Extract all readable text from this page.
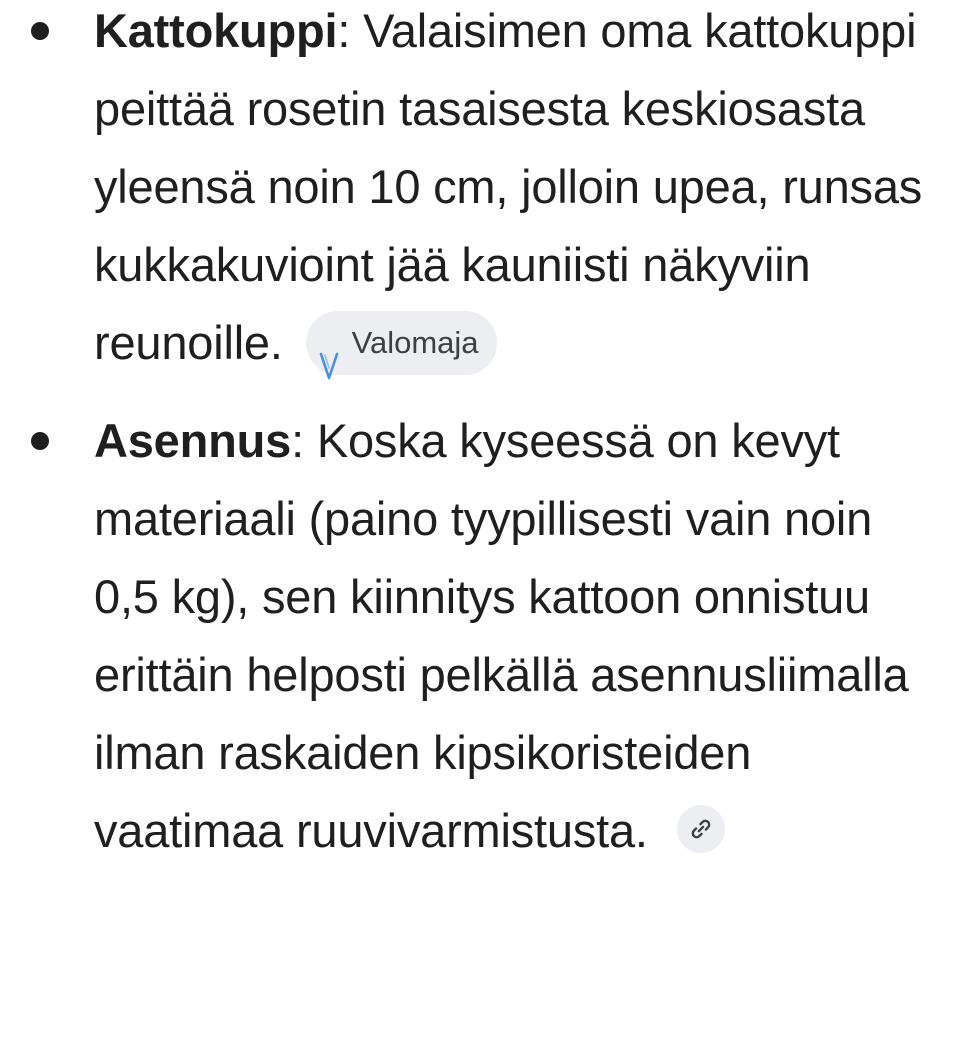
Kattokuppi: Valaisimen oma kattokuppi peittää rosetin tasaisesta keskiosasta yleensä noin 10 cm, jolloin upea, runsas kukkakuvioint jää kauniisti näkyviin reunoille. Valomaja
Asennus: Koska kyseessä on kevyt materiaali (paino tyypillisesti vain noin 0,5 kg), sen kiinnitys kattoon onnistuu erittäin helposti pelkällä asennusliimalla ilman raskaiden kipsikoristeiden vaatimaa ruuvivarmistusta.
